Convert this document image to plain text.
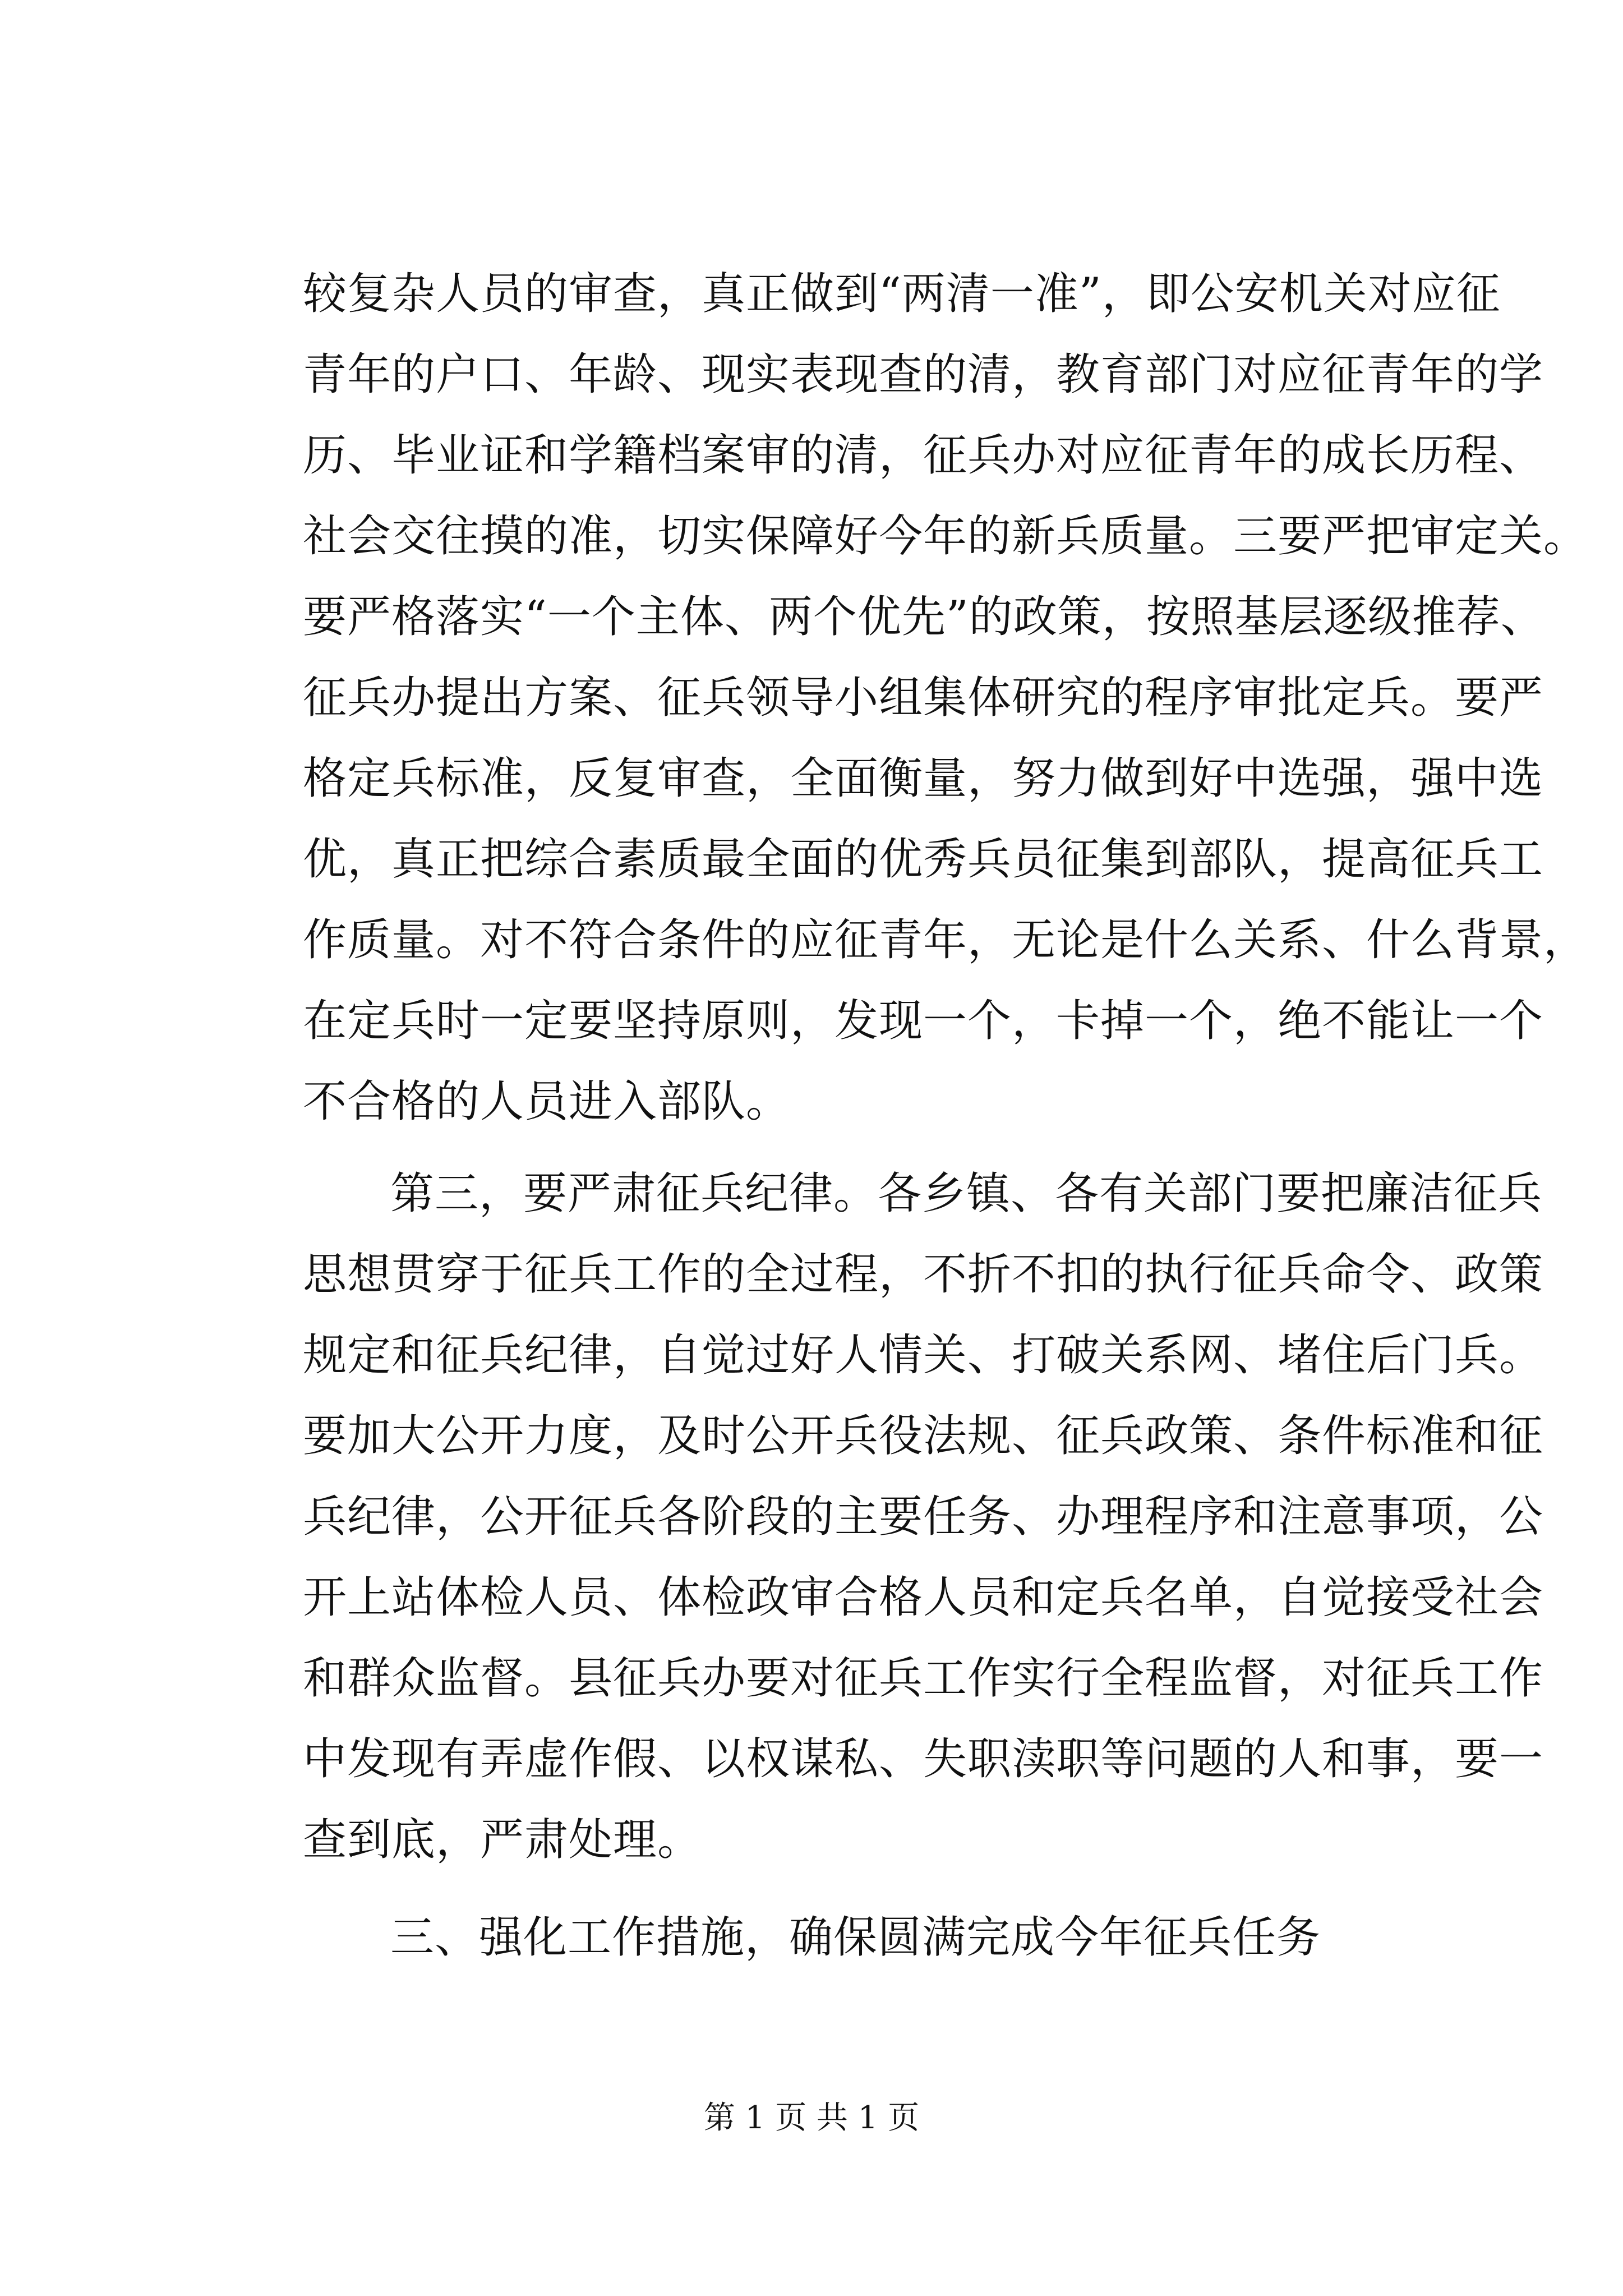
较复杂人员的审查，真正做到“两清一准”，即公安机关对应征
青年的户口、年龄、现实表现查的清，教育部门对应征青年的学
历、毕业证和学籍档案审的清，征兵办对应征青年的成长历程、
社会交往摸的准，切实保障好今年的新兵质量。三要严把审定关。
要严格落实“一个主体、两个优先”的政策，按照基层逐级推荐、
征兵办提出方案、征兵领导小组集体研究的程序审批定兵。要严
格定兵标准，反复审查，全面衡量，努力做到好中选强，强中选
优，真正把综合素质最全面的优秀兵员征集到部队，提高征兵工
作质量。对不符合条件的应征青年，无论是什么关系、什么背景，
在定兵时一定要坚持原则，发现一个，卡掉一个，绝不能让一个
不合格的人员进入部队。
第三，要严肃征兵纪律。各乡镇、各有关部门要把廉洁征兵
思想贯穿于征兵工作的全过程，不折不扣的执行征兵命令、政策
规定和征兵纪律，自觉过好人情关、打破关系网、堵住后门兵。
要加大公开力度，及时公开兵役法规、征兵政策、条件标准和征
兵纪律，公开征兵各阶段的主要任务、办理程序和注意事项，公
开上站体检人员、体检政审合格人员和定兵名单，自觉接受社会
和群众监督。县征兵办要对征兵工作实行全程监督，对征兵工作
中发现有弄虚作假、以权谋私、失职渎职等问题的人和事，要一
查到底，严肃处理。
三、强化工作措施，确保圆满完成今年征兵任务
第 1 页 共 1 页
